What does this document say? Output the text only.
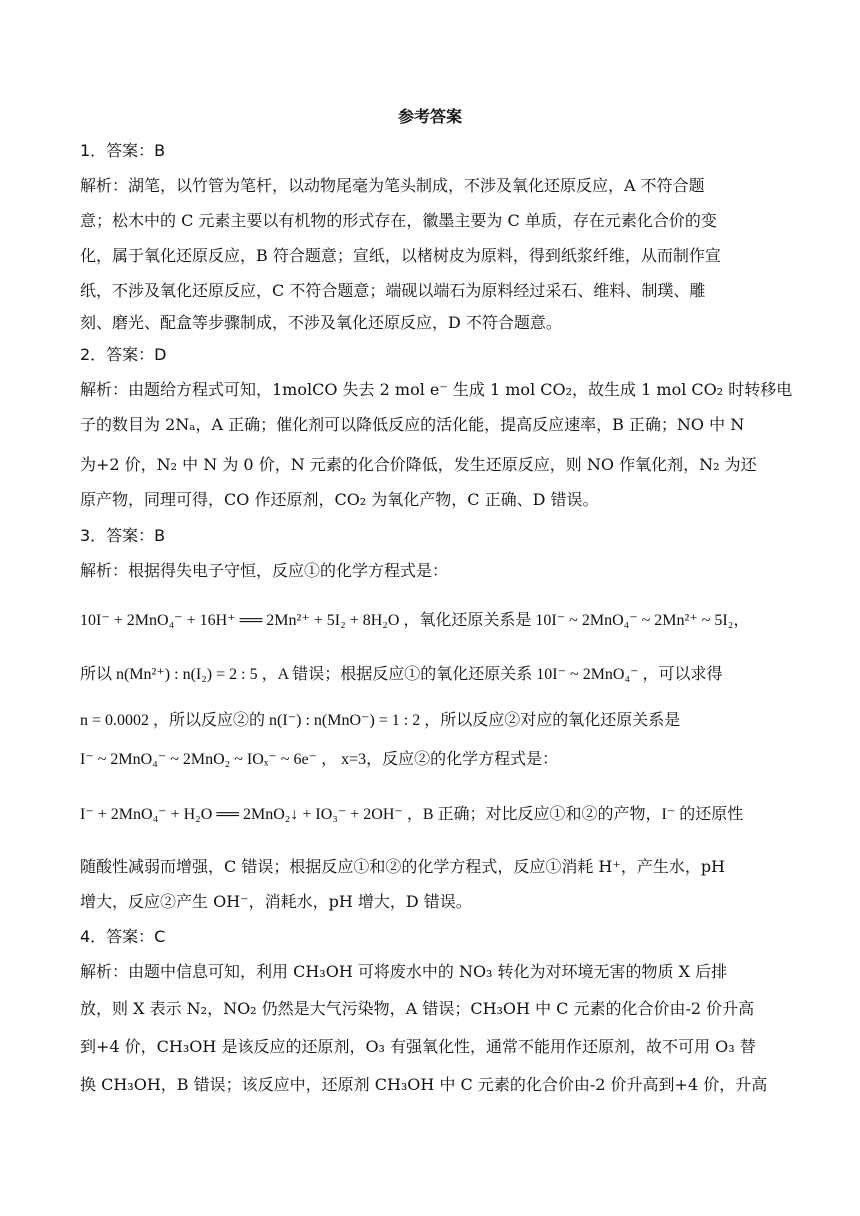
参考答案
1．答案：B
解析：湖笔，以竹管为笔杆，以动物尾毫为笔头制成，不涉及氧化还原反应，A 不符合题
意；松木中的 C 元素主要以有机物的形式存在，徽墨主要为 C 单质，存在元素化合价的变
化，属于氧化还原反应，B 符合题意；宣纸，以楮树皮为原料，得到纸浆纤维，从而制作宣
纸，不涉及氧化还原反应，C 不符合题意；端砚以端石为原料经过采石、维料、制璞、雕
刻、磨光、配盒等步骤制成，不涉及氧化还原反应，D 不符合题意。
2．答案：D
解析：由题给方程式可知，1molCO 失去 2 mol e⁻ 生成 1 mol CO₂，故生成 1 mol CO₂ 时转移电
子的数目为 2Nₐ，A 正确；催化剂可以降低反应的活化能，提高反应速率，B 正确；NO 中 N
为+2 价，N₂ 中 N 为 0 价，N 元素的化合价降低，发生还原反应，则 NO 作氧化剂，N₂ 为还
原产物，同理可得，CO 作还原剂，CO₂ 为氧化产物，C 正确、D 错误。
3．答案：B
解析：根据得失电子守恒，反应①的化学方程式是：
10I⁻ + 2MnO₄⁻ + 16H⁺ ══ 2Mn²⁺ + 5I₂ + 8H₂O ，氧化还原关系是 10I⁻ ~ 2MnO₄⁻ ~ 2Mn²⁺ ~ 5I₂，
所以 n(Mn²⁺) : n(I₂) = 2 : 5 ，A 错误；根据反应①的氧化还原关系 10I⁻ ~ 2MnO₄⁻ ，可以求得
n = 0.0002 ，所以反应②的 n(I⁻) : n(MnO⁻) = 1 : 2 ，所以反应②对应的氧化还原关系是
I⁻ ~ 2MnO₄⁻ ~ 2MnO₂ ~ IOₓ⁻ ~ 6e⁻ ， x=3，反应②的化学方程式是：
I⁻ + 2MnO₄⁻ + H₂O ══ 2MnO₂↓ + IO₃⁻ + 2OH⁻ ，B 正确；对比反应①和②的产物，I⁻ 的还原性
随酸性减弱而增强，C 错误；根据反应①和②的化学方程式，反应①消耗 H⁺，产生水，pH
增大，反应②产生 OH⁻，消耗水，pH 增大，D 错误。
4．答案：C
解析：由题中信息可知，利用 CH₃OH 可将废水中的 NO₃ 转化为对环境无害的物质 X 后排
放，则 X 表示 N₂，NO₂ 仍然是大气污染物，A 错误；CH₃OH 中 C 元素的化合价由-2 价升高
到+4 价，CH₃OH 是该反应的还原剂，O₃ 有强氧化性，通常不能用作还原剂，故不可用 O₃ 替
换 CH₃OH，B 错误；该反应中，还原剂 CH₃OH 中 C 元素的化合价由-2 价升高到+4 价，升高
